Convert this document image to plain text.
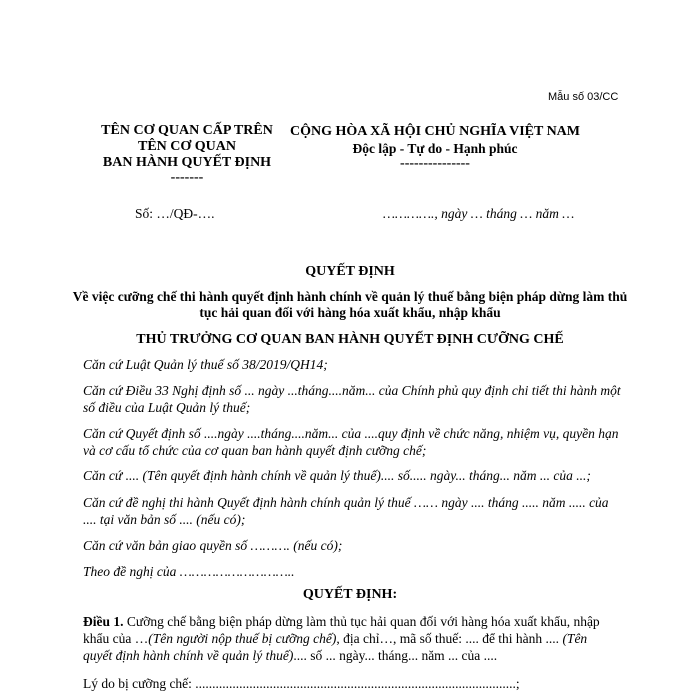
Mẫu số 03/CC
TÊN CƠ QUAN CẤP TRÊN
TÊN CƠ QUAN
BAN HÀNH QUYẾT ĐỊNH
-------
CỘNG HÒA XÃ HỘI CHỦ NGHĨA VIỆT NAM
Độc lập - Tự do - Hạnh phúc
---------------
Số: …/QĐ-….	…………., ngày … tháng … năm …
QUYẾT ĐỊNH
Về việc cưỡng chế thi hành quyết định hành chính về quản lý thuế bằng biện pháp dừng làm thủ tục hải quan đối với hàng hóa xuất khẩu, nhập khẩu
THỦ TRƯỞNG CƠ QUAN BAN HÀNH QUYẾT ĐỊNH CƯỠNG CHẾ
Căn cứ Luật Quản lý thuế số 38/2019/QH14;
Căn cứ Điều 33 Nghị định số ... ngày ...tháng....năm... của Chính phủ quy định chi tiết thi hành một số điều của Luật Quản lý thuế;
Căn cứ Quyết định số ....ngày ....tháng....năm... của ....quy định về chức năng, nhiệm vụ, quyền hạn và cơ cấu tổ chức của cơ quan ban hành quyết định cưỡng chế;
Căn cứ .... (Tên quyết định hành chính về quản lý thuế).... số..... ngày... tháng... năm ... của ...;
Căn cứ đề nghị thi hành Quyết định hành chính quản lý thuế …… ngày .... tháng ..... năm ..... của .... tại văn bản số .... (nếu có);
Căn cứ văn bản giao quyền số ………. (nếu có);
Theo đề nghị của ………………………..
QUYẾT ĐỊNH:
Điều 1. Cưỡng chế bằng biện pháp dừng làm thủ tục hải quan đối với hàng hóa xuất khẩu, nhập khẩu của …(Tên người nộp thuế bị cưỡng chế), địa chỉ…, mã số thuế: .... để thi hành .... (Tên quyết định hành chính về quản lý thuế).... số ... ngày... tháng... năm ... của ....
Lý do bị cưỡng chế: ...............................................................................................;
